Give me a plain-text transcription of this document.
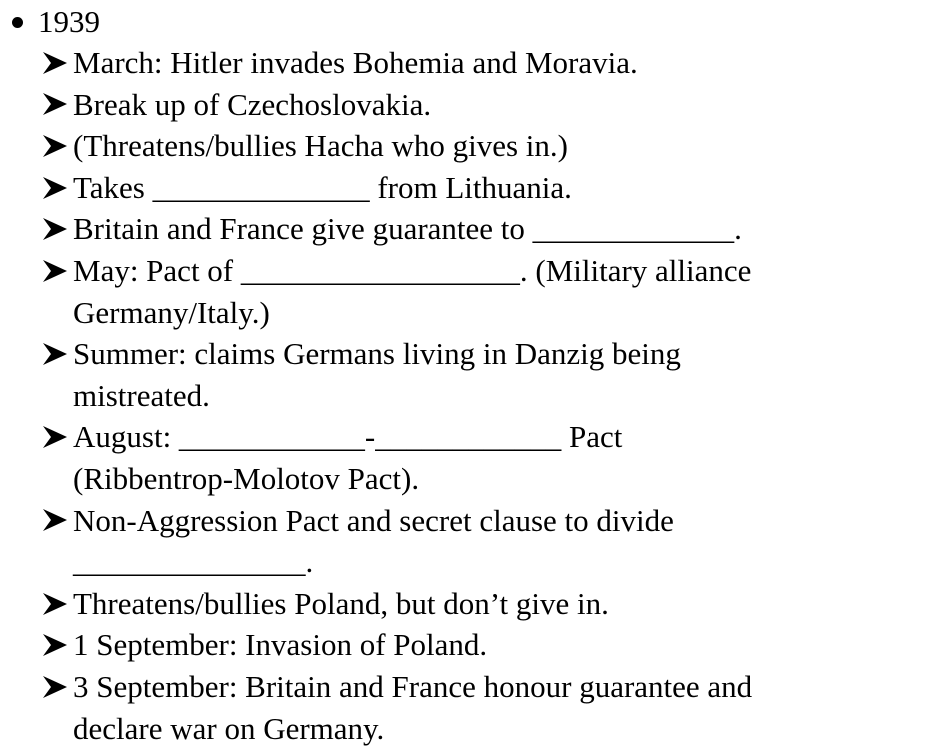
1939
March: Hitler invades Bohemia and Moravia.
Break up of Czechoslovakia.
(Threatens/bullies Hacha who gives in.)
Takes ______________ from Lithuania.
Britain and France give guarantee to _____________.
May: Pact of __________________. (Military alliance
Germany/Italy.)
Summer: claims Germans living in Danzig being
mistreated.
August: ____________-____________ Pact
(Ribbentrop-Molotov Pact).
Non-Aggression Pact and secret clause to divide
_______________.
Threatens/bullies Poland, but don’t give in.
1 September: Invasion of Poland.
3 September: Britain and France honour guarantee and
declare war on Germany.
